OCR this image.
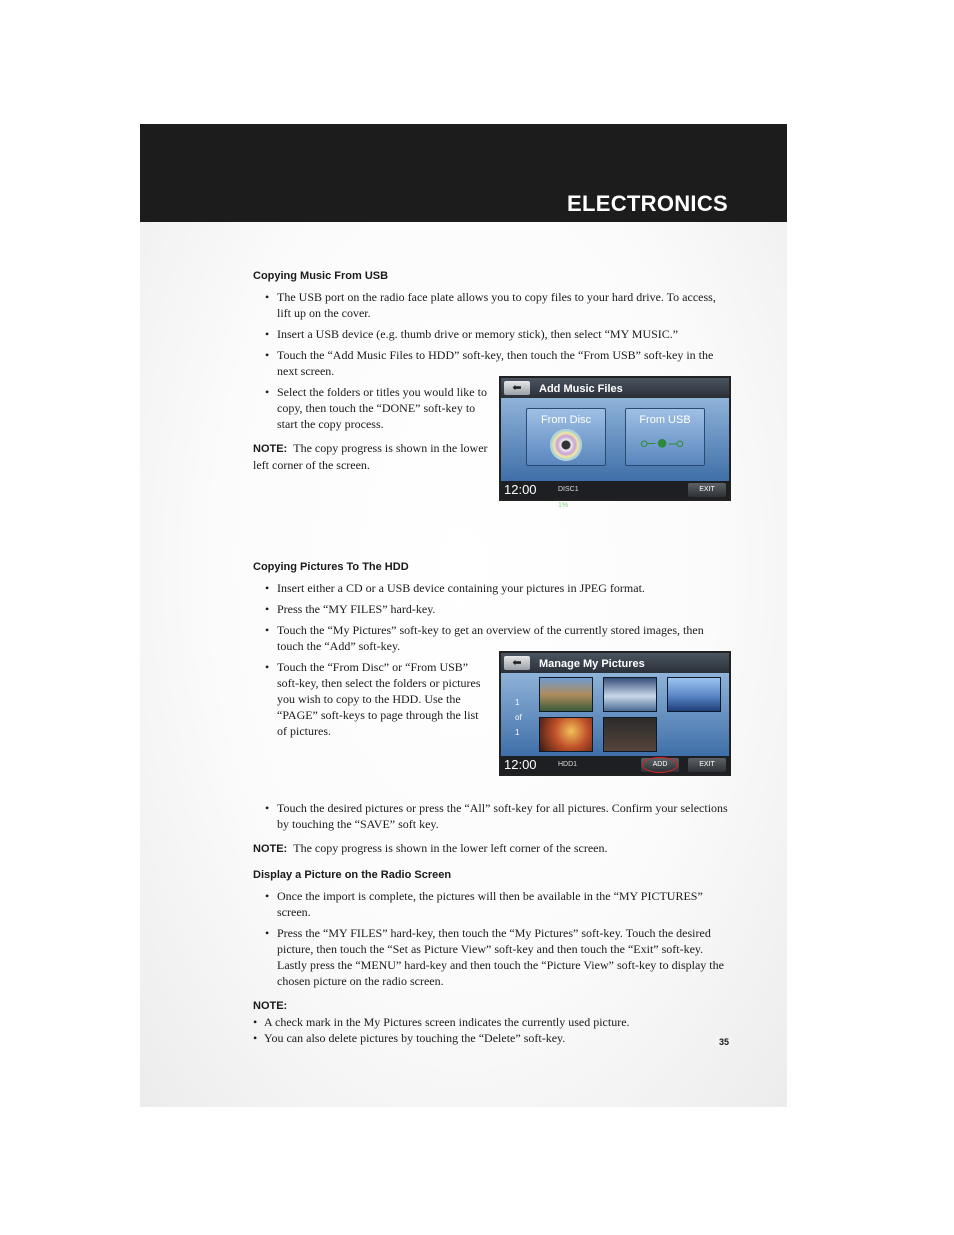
ELECTRONICS
Copying Music From USB
• The USB port on the radio face plate allows you to copy files to your hard drive. To access, lift up on the cover.
• Insert a USB device (e.g. thumb drive or memory stick), then select “MY MUSIC.”
• Touch the “Add Music Files to HDD” soft-key, then touch the “From USB” soft-key in the next screen.
• Select the folders or titles you would like to copy, then touch the “DONE” soft-key to start the copy process.
NOTE: The copy progress is shown in the lower left corner of the screen.
⬅	Add Music Files
From Disc	From USB
⟜●⊸
12:00	DISC1
1%
EXIT
Copying Pictures To The HDD
• Insert either a CD or a USB device containing your pictures in JPEG format.
• Press the “MY FILES” hard-key.
• Touch the “My Pictures” soft-key to get an overview of the currently stored images, then touch the “Add” soft-key.
• Touch the “From Disc” or “From USB” soft-key, then select the folders or pictures you wish to copy to the HDD. Use the “PAGE” soft-keys to page through the list of pictures.
⬅	Manage My Pictures
1
of
1
12:00	HDD1	ADD	EXIT
• Touch the desired pictures or press the “All” soft-key for all pictures. Confirm your selections by touching the “SAVE” soft key.
NOTE: The copy progress is shown in the lower left corner of the screen.
Display a Picture on the Radio Screen
• Once the import is complete, the pictures will then be available in the “MY PICTURES” screen.
• Press the “MY FILES” hard-key, then touch the “My Pictures” soft-key. Touch the desired picture, then touch the “Set as Picture View” soft-key and then touch the “Exit” soft-key. Lastly press the “MENU” hard-key and then touch the “Picture View” soft-key to display the chosen picture on the radio screen.
NOTE:
• A check mark in the My Pictures screen indicates the currently used picture.
• You can also delete pictures by touching the “Delete” soft-key.	35
